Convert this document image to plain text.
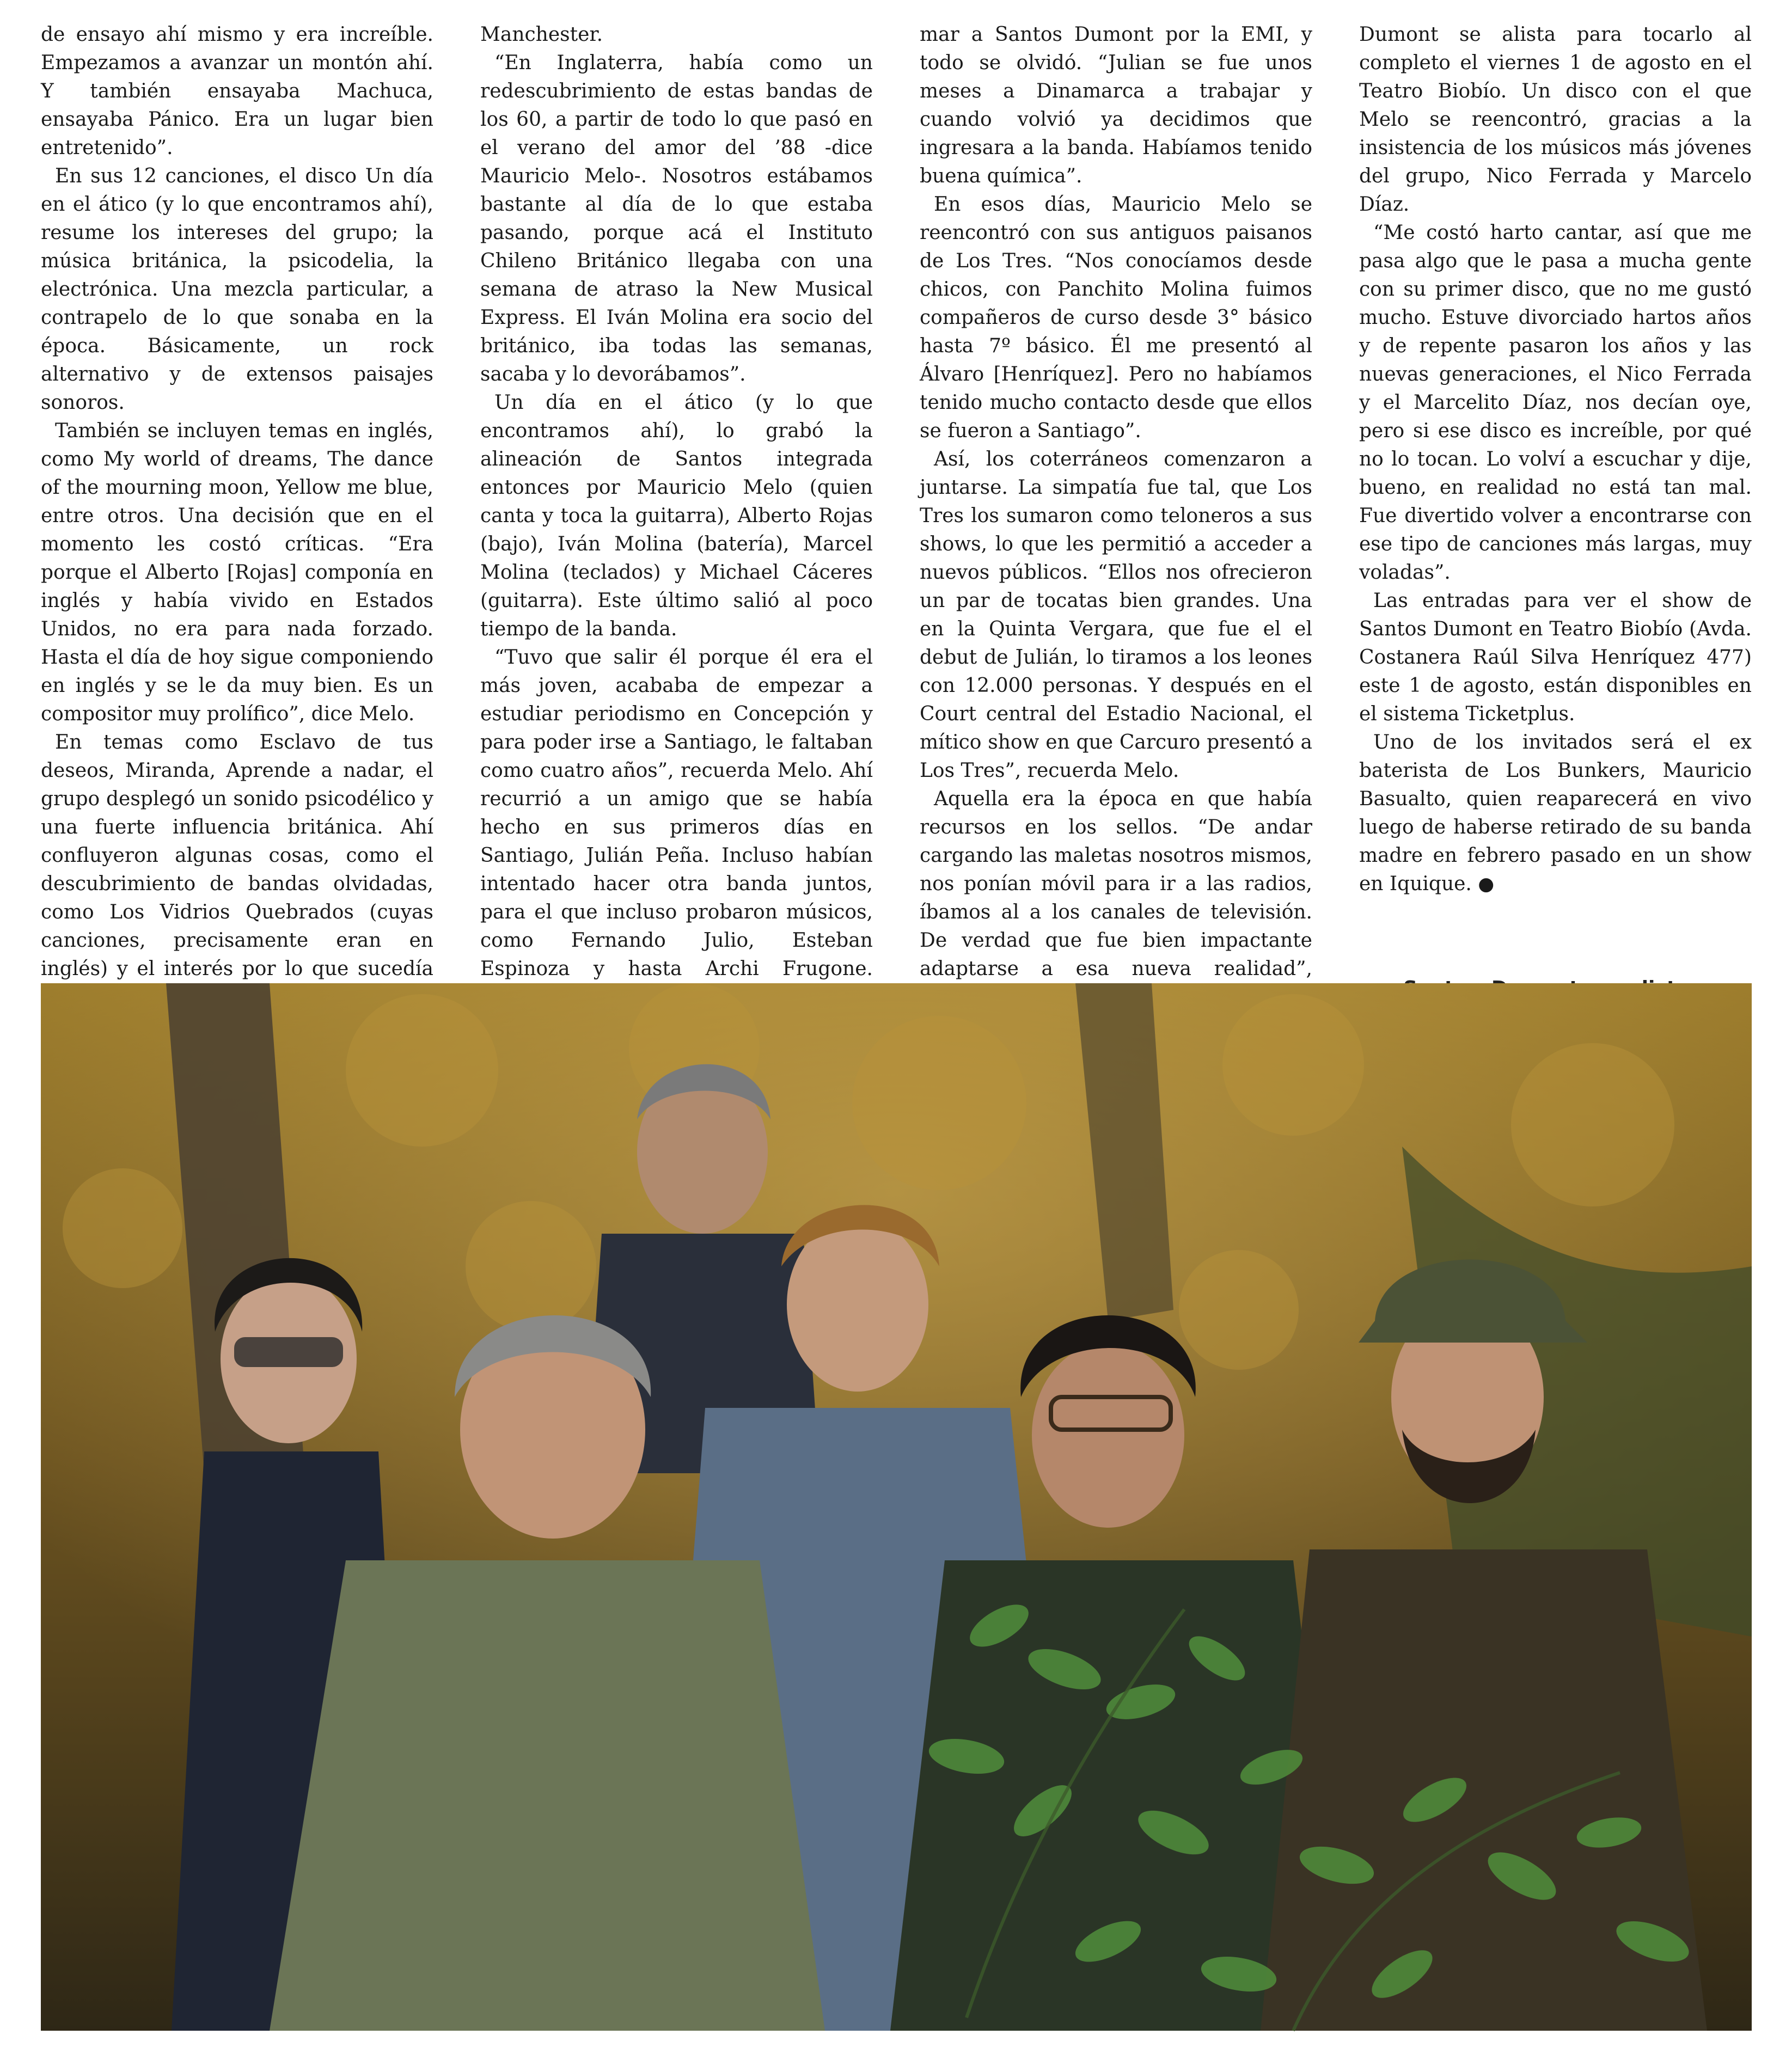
de ensayo ahí mismo y era increíble. Empezamos a avanzar un montón ahí. Y también ensayaba Machuca, ensayaba Pánico. Era un lugar bien entretenido”.

En sus 12 canciones, el disco Un día en el ático (y lo que encontramos ahí), resume los intereses del grupo; la música británica, la psicodelia, la electrónica. Una mezcla particular, a contrapelo de lo que sonaba en la época. Básicamente, un rock alternativo y de extensos paisajes sonoros.

También se incluyen temas en inglés, como My world of dreams, The dance of the mourning moon, Yellow me blue, entre otros. Una decisión que en el momento les costó críticas. “Era porque el Alberto [Rojas] componía en inglés y había vivido en Estados Unidos, no era para nada forzado. Hasta el día de hoy sigue componiendo en inglés y se le da muy bien. Es un compositor muy prolífico”, dice Melo.

En temas como Esclavo de tus deseos, Miranda, Aprende a nadar, el grupo desplegó un sonido psicodélico y una fuerte influencia británica. Ahí confluyeron algunas cosas, como el descubrimiento de bandas olvidadas, como Los Vidrios Quebrados (cuyas canciones, precisamente eran en inglés) y el interés por lo que sucedía

Manchester.

“En Inglaterra, había como un redescubrimiento de estas bandas de los 60, a partir de todo lo que pasó en el verano del amor del ’88 -dice Mauricio Melo-. Nosotros estábamos bastante al día de lo que estaba pasando, porque acá el Instituto Chileno Británico llegaba con una semana de atraso la New Musical Express. El Iván Molina era socio del británico, iba todas las semanas, sacaba y lo devorábamos”.

Un día en el ático (y lo que encontramos ahí), lo grabó la alineación de Santos integrada entonces por Mauricio Melo (quien canta y toca la guitarra), Alberto Rojas (bajo), Iván Molina (batería), Marcel Molina (teclados) y Michael Cáceres (guitarra). Este último salió al poco tiempo de la banda.

“Tuvo que salir él porque él era el más joven, acababa de empezar a estudiar periodismo en Concepción y para poder irse a Santiago, le faltaban como cuatro años”, recuerda Melo. Ahí recurrió a un amigo que se había hecho en sus primeros días en Santiago, Julián Peña. Incluso habían intentado hacer otra banda juntos, para el que incluso probaron músicos, como Fernando Julio, Esteban Espinoza y hasta Archi Frugone.

mar a Santos Dumont por la EMI, y todo se olvidó. “Julian se fue unos meses a Dinamarca a trabajar y cuando volvió ya decidimos que ingresara a la banda. Habíamos tenido buena química”.

En esos días, Mauricio Melo se reencontró con sus antiguos paisanos de Los Tres. “Nos conocíamos desde chicos, con Panchito Molina fuimos compañeros de curso desde 3° básico hasta 7º básico. Él me presentó al Álvaro [Henríquez]. Pero no habíamos tenido mucho contacto desde que ellos se fueron a Santiago”.

Así, los coterráneos comenzaron a juntarse. La simpatía fue tal, que Los Tres los sumaron como teloneros a sus shows, lo que les permitió a acceder a nuevos públicos. “Ellos nos ofrecieron un par de tocatas bien grandes. Una en la Quinta Vergara, que fue el el debut de Julián, lo tiramos a los leones con 12.000 personas. Y después en el Court central del Estadio Nacional, el mítico show en que Carcuro presentó a Los Tres”, recuerda Melo.

Aquella era la época en que había recursos en los sellos. “De andar cargando las maletas nosotros mismos, nos ponían móvil para ir a las radios, íbamos al a los canales de televisión. De verdad que fue bien impactante adaptarse a esa nueva realidad”,

Dumont se alista para tocarlo al completo el viernes 1 de agosto en el Teatro Biobío. Un disco con el que Melo se reencontró, gracias a la insistencia de los músicos más jóvenes del grupo, Nico Ferrada y Marcelo Díaz.

“Me costó harto cantar, así que me pasa algo que le pasa a mucha gente con su primer disco, que no me gustó mucho. Estuve divorciado hartos años y de repente pasaron los años y las nuevas generaciones, el Nico Ferrada y el Marcelito Díaz, nos decían oye, pero si ese disco es increíble, por qué no lo tocan. Lo volví a escuchar y dije, bueno, en realidad no está tan mal. Fue divertido volver a encontrarse con ese tipo de canciones más largas, muy voladas”.

Las entradas para ver el show de Santos Dumont en Teatro Biobío (Avda. Costanera Raúl Silva Henríquez 477) este 1 de agosto, están disponibles en el sistema Ticketplus.

Uno de los invitados será el ex baterista de Los Bunkers, Mauricio Basualto, quien reaparecerá en vivo luego de haberse retirado de su banda madre en febrero pasado en un show en Iquique. ●
